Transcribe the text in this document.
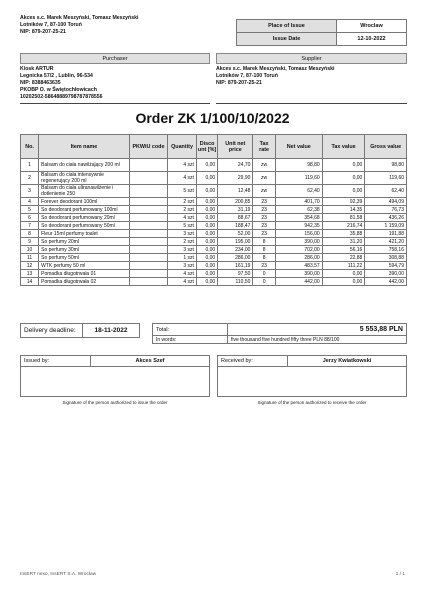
Akces s.c. Marek Meszyński, Tomasz Meszyński
Lotników 7, 87-100 Toruń
NIP: 879-207-25-21
Place of Issue	Wroclaw
Issue Date	12-10-2022
Purchaser	Supplier
Kiosk ARTUR
Legnicka 57/2 , Lublin, 96-534
NIP: 8388463635
PKOBP O. w Świętochłowicach
10202502-58648889798787878556
Akces s.c. Marek Meszyński, Tomasz Meszyński
Lotników 7, 87-100 Toruń
NIP: 879-207-25-21
Order ZK 1/100/10/2022
No.	Item name	PKWiU code	Quantity	Disco unt [%]	Unit net price	Tax rate	Net value	Tax value	Gross value
1	Balsam do ciała nawilżający 200 ml		4 szt	0,00	24,70	zw	98,80	0,00	98,80
2	Balsam do ciała intensywnie regenerujący 200 ml		4 szt	0,00	29,90	zw	119,60	0,00	119,60
3	Balsam do ciała ultranawilżenie i dotlenienie 250		5 szt	0,00	12,48	zw	62,40	0,00	62,40
4	Forever deodorant 100ml		2 szt	0,00	200,85	23	401,70	92,39	494,09
5	So deodorant perfumowany 100ml		2 szt	0,00	31,19	23	62,38	14,35	76,73
6	So deodorant perfumowany 20ml		4 szt	0,00	88,67	23	354,68	81,58	436,26
7	So deodorant perfumowany 50ml		5 szt	0,00	188,47	23	942,35	216,74	1 159,09
8	Fleur 15ml perfumy toalet		3 szt	0,00	52,00	23	156,00	35,88	191,88
9	So perfumy 20ml		2 szt	0,00	195,00	8	390,00	31,20	421,20
10	So perfumy 30ml		3 szt	0,00	234,00	8	702,00	56,16	758,16
11	So perfumy 50ml		1 szt	0,00	286,00	8	286,00	22,88	308,88
12	WTK perfumy 50 ml		3 szt	0,00	161,19	23	483,57	111,22	594,79
13	Pomadka długotrwała 01		4 szt	0,00	97,50	0	390,00	0,00	390,00
14	Pomadka długotrwała 02		4 szt	0,00	110,50	0	442,00	0,00	442,00
Delivery deadline:	18-11-2022	Total:	5 553,88 PLN
In words:	five thousand five hundred fifty three PLN 88/100
Issued by:	Akces Szef
Signature of the person authorized to issue the order
Received by:	Jerzy Kwiatkowski
Signature of the person authorized to receive the order
InsERT nexo, InsERT S.A. Wrocław	1 / 1
